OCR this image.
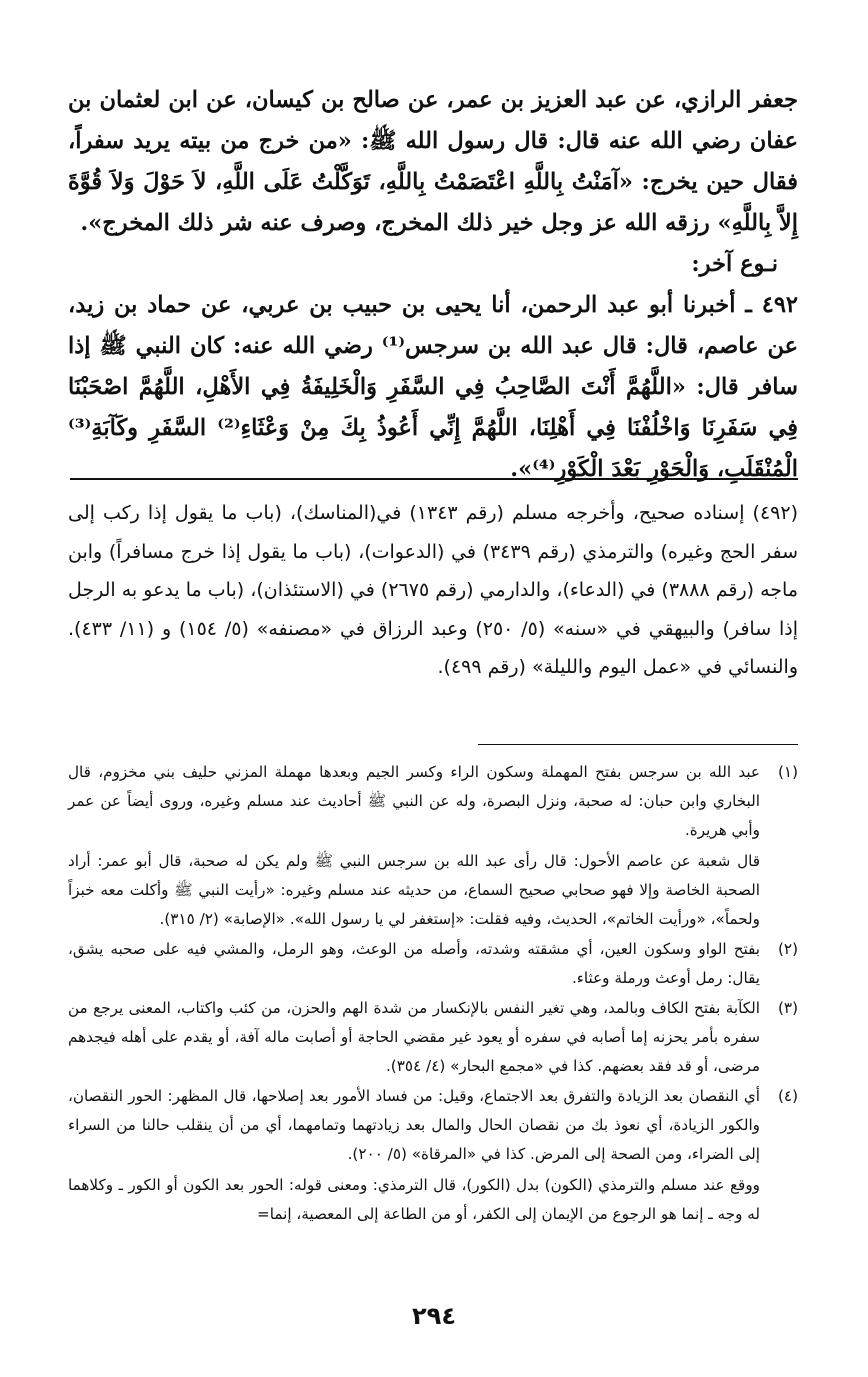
جعفر الرازي، عن عبد العزيز بن عمر، عن صالح بن كيسان، عن ابن لعثمان بن عفان رضي الله عنه قال: قال رسول الله ﷺ: «من خرج من بيته يريد سفراً، فقال حين يخرج: «آمَنْتُ بِاللَّهِ اعْتَصَمْتُ بِاللَّهِ، تَوَكَّلْتُ عَلَى اللَّهِ، لاَ حَوْلَ وَلاَ قُوَّةَ إِلاَّ بِاللَّهِ» رزقه الله عز وجل خير ذلك المخرج، وصرف عنه شر ذلك المخرج».

نـوع آخر:

٤٩٢ ـ أخبرنا أبو عبد الرحمن، أنا يحيى بن حبيب بن عربي، عن حماد بن زيد، عن عاصم، قال: قال عبد الله بن سرجس⁽¹⁾ رضي الله عنه: كان النبي ﷺ إذا سافر قال: «اللَّهُمَّ أَنْتَ الصَّاحِبُ فِي السَّفَرِ وَالْخَلِيفَةُ فِي الأَهْلِ، اللَّهُمَّ اصْحَبْنَا فِي سَفَرِنَا وَاخْلُفْنَا فِي أَهْلِنَا، اللَّهُمَّ إِنِّي أَعُوذُ بِكَ مِنْ وَعْثَاءِ⁽²⁾ السَّفَرِ وكَآبَةِ⁽³⁾ الْمُنْقَلَبِ، وَالْحَوْرِ بَعْدَ الْكَوْرِ⁽⁴⁾».

(٤٩٢) إسناده صحيح، وأخرجه مسلم (رقم ١٣٤٣) في(المناسك)، (باب ما يقول إذا ركب إلى سفر الحج وغيره) والترمذي (رقم ٣٤٣٩) في (الدعوات)، (باب ما يقول إذا خرج مسافراً) وابن ماجه (رقم ٣٨٨٨) في (الدعاء)، والدارمي (رقم ٢٦٧٥) في (الاستئذان)، (باب ما يدعو به الرجل إذا سافر) والبيهقي في «سنه» (٥/ ٢٥٠) وعبد الرزاق في «مصنفه» (٥/ ١٥٤) و (١١/ ٤٣٣). والنسائي في «عمل اليوم والليلة» (رقم ٤٩٩).

(١)

عبد الله بن سرجس بفتح المهملة وسكون الراء وكسر الجيم وبعدها مهملة المزني حليف بني مخزوم، قال البخاري وابن حبان: له صحبة، ونزل البصرة، وله عن النبي ﷺ أحاديث عند مسلم وغيره، وروى أيضاً عن عمر وأبي هريرة.

قال شعبة عن عاصم الأحول: قال رأى عبد الله بن سرجس النبي ﷺ ولم يكن له صحبة، قال أبو عمر: أراد الصحبة الخاصة وإلا فهو صحابي صحيح السماع، من حديثه عند مسلم وغيره: «رأيت النبي ﷺ وأكلت معه خبزاً ولحماً»، «ورأيت الخاتم»، الحديث، وفيه فقلت: «إستغفر لي يا رسول الله». «الإصابة» (٢/ ٣١٥).

(٢)

بفتح الواو وسكون العين، أي مشقته وشدته، وأصله من الوعث، وهو الرمل، والمشي فيه على صحبه يشق، يقال: رمل أوعث ورملة وعثاء.

(٣)

الكآبة بفتح الكاف وبالمد، وهي تغير النفس بالإنكسار من شدة الهم والحزن، من كئب واكتاب، المعنى يرجع من سفره بأمر يحزنه إما أصابه في سفره أو يعود غير مقضي الحاجة أو أصابت ماله آفة، أو يقدم على أهله فيجدهم مرضى، أو قد فقد بعضهم. كذا في «مجمع البحار» (٤/ ٣٥٤).

(٤)

أي النقصان بعد الزيادة والتفرق بعد الاجتماع، وقيل: من فساد الأمور بعد إصلاحها، قال المظهر: الحور النقصان، والكور الزيادة، أي نعوذ بك من نقصان الحال والمال بعد زيادتهما وتمامهما، أي من أن ينقلب حالنا من السراء إلى الضراء، ومن الصحة إلى المرض. كذا في «المرقاة» (٥/ ٢٠٠).

ووقع عند مسلم والترمذي (الكون) بدل (الكور)، قال الترمذي: ومعنى قوله: الحور بعد الكون أو الكور ـ وكلاهما له وجه ـ إنما هو الرجوع من الإيمان إلى الكفر، أو من الطاعة إلى المعصية، إنما=

٢٩٤
